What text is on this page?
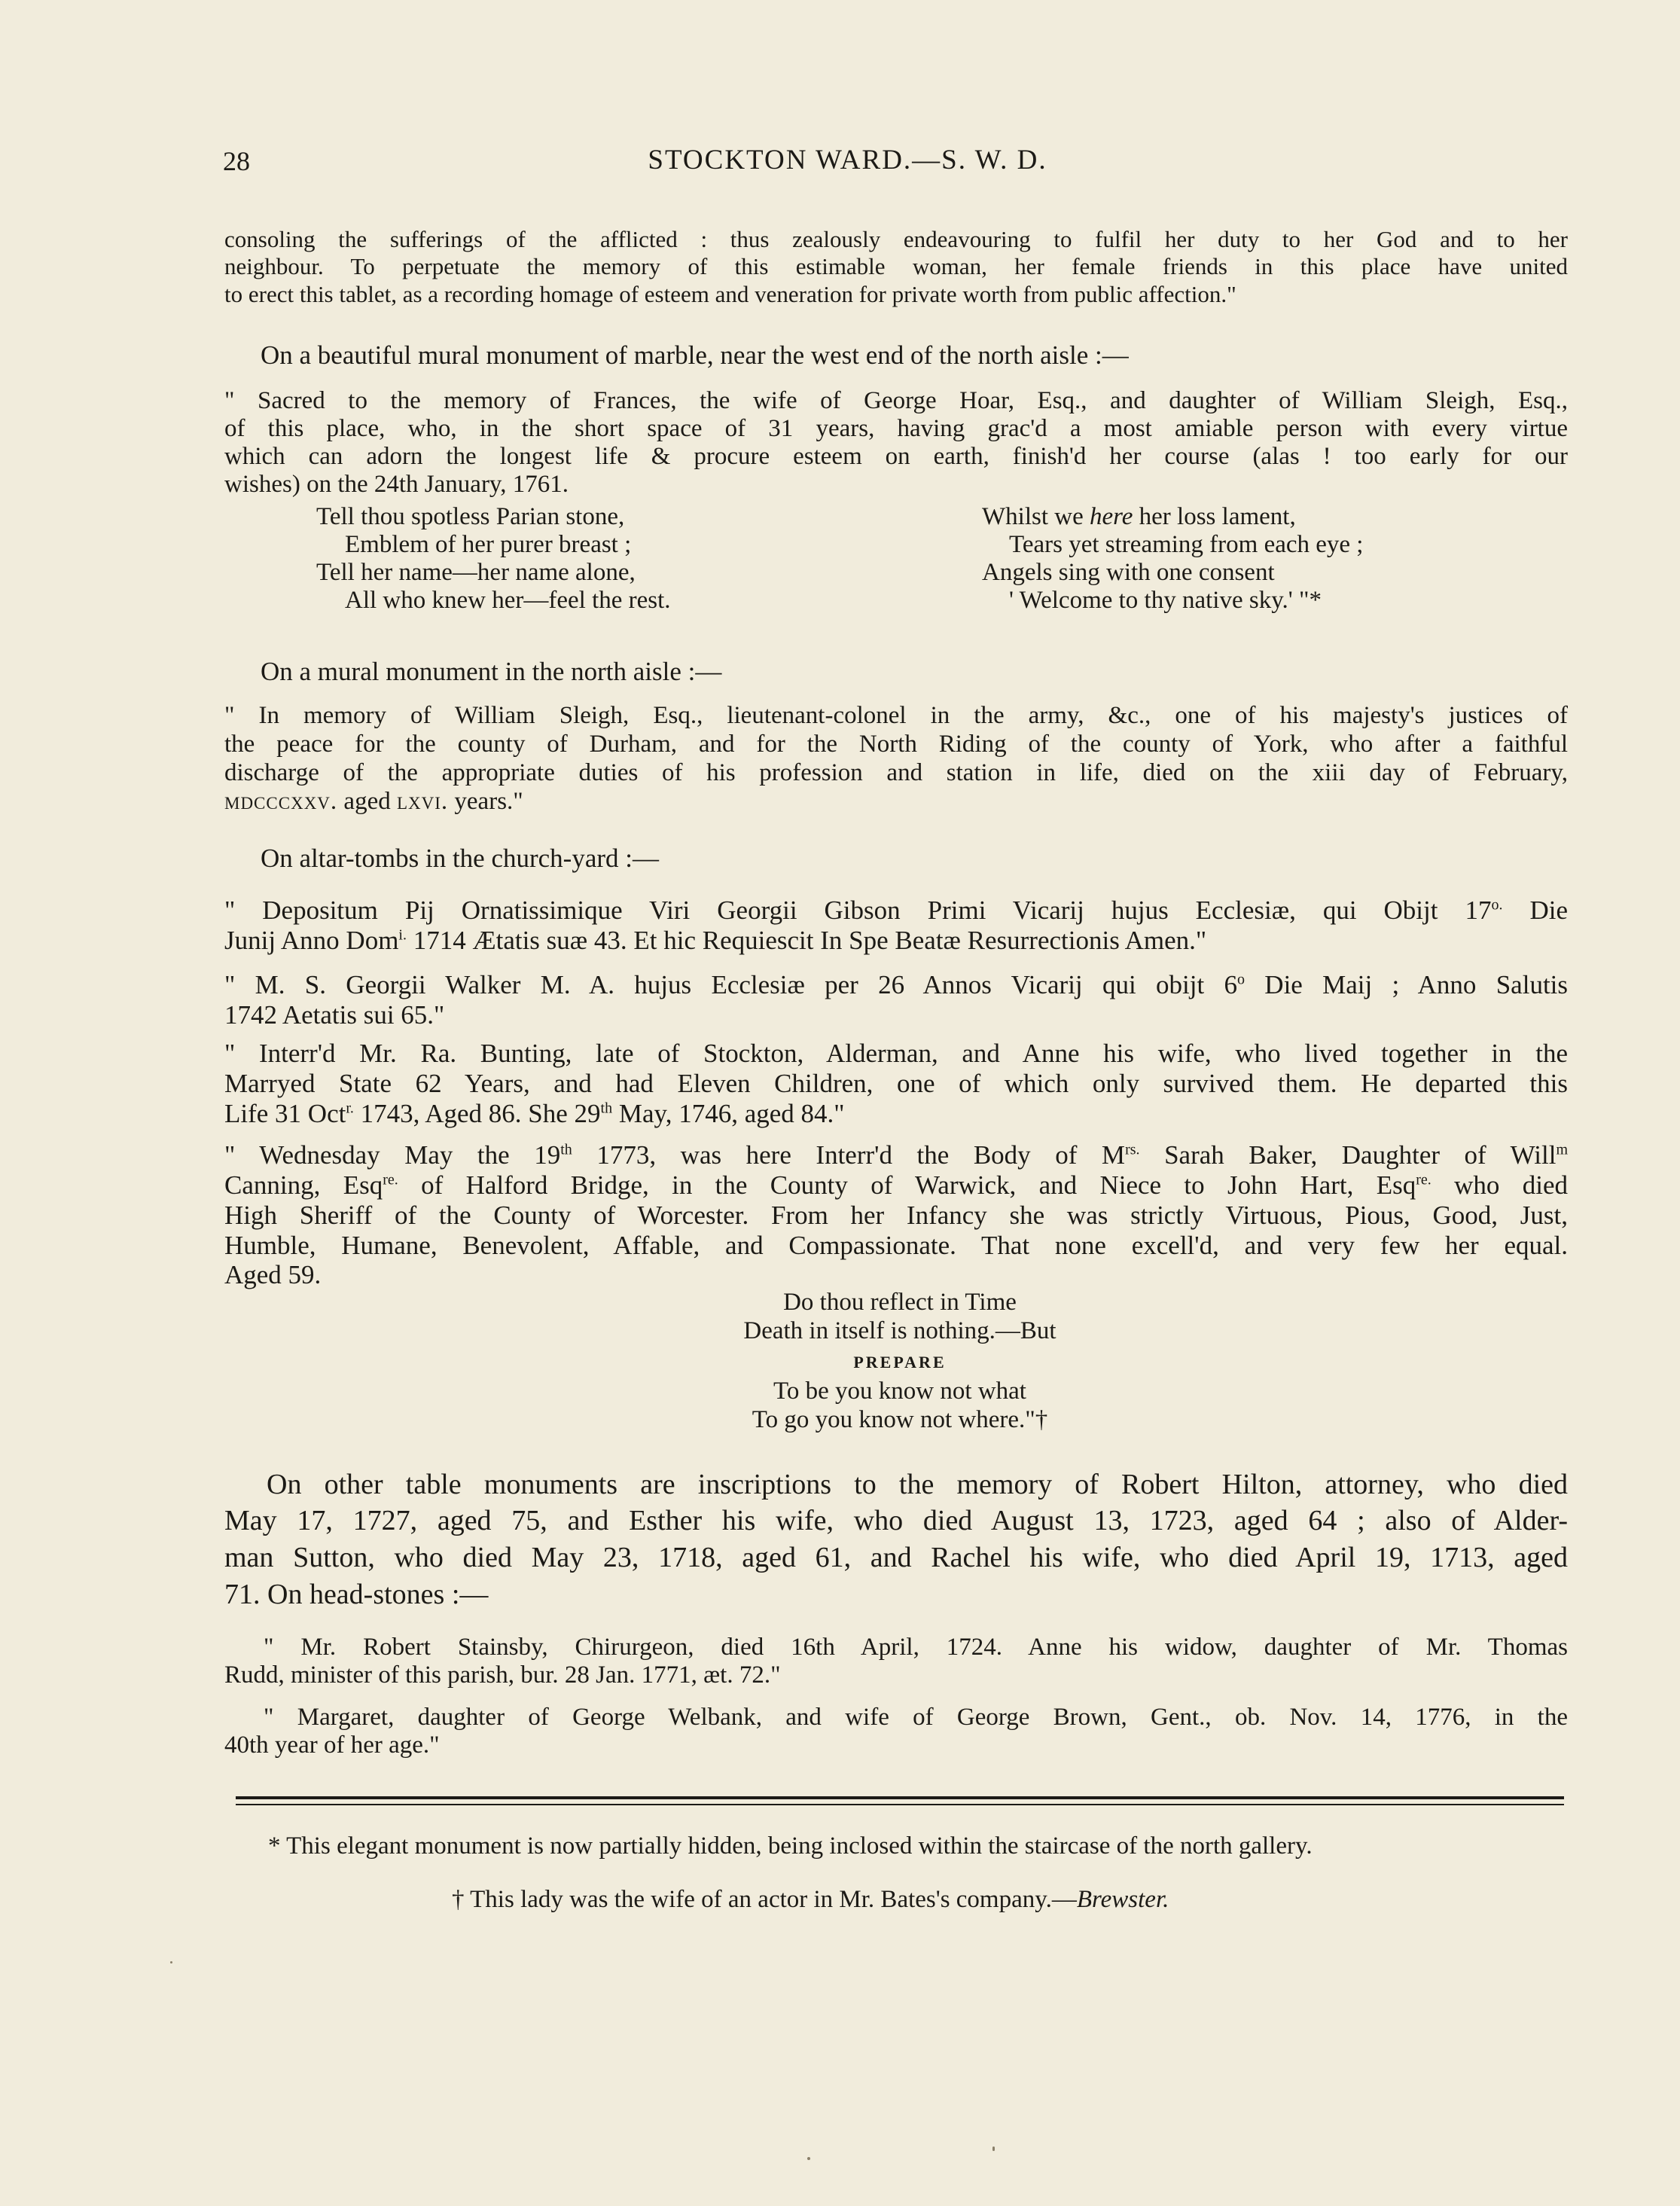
28	STOCKTON WARD.—S. W. D.
consoling the sufferings of the afflicted : thus zealously endeavouring to fulfil her duty to her God and to her
neighbour. To perpetuate the memory of this estimable woman, her female friends in this place have united
to erect this tablet, as a recording homage of esteem and veneration for private worth from public affection."
On a beautiful mural monument of marble, near the west end of the north aisle :—
" Sacred to the memory of Frances, the wife of George Hoar, Esq., and daughter of William Sleigh, Esq.,
of this place, who, in the short space of 31 years, having grac'd a most amiable person with every virtue
which can adorn the longest life & procure esteem on earth, finish'd her course (alas ! too early for our
wishes) on the 24th January, 1761.
Tell thou spotless Parian stone,
Emblem of her purer breast ;
Tell her name—her name alone,
All who knew her—feel the rest.
Whilst we here her loss lament,
Tears yet streaming from each eye ;
Angels sing with one consent
' Welcome to thy native sky.' "*
On a mural monument in the north aisle :—
" In memory of William Sleigh, Esq., lieutenant-colonel in the army, &c., one of his majesty's justices of
the peace for the county of Durham, and for the North Riding of the county of York, who after a faithful
discharge of the appropriate duties of his profession and station in life, died on the xiii day of February,
mdcccxxv. aged lxvi. years."
On altar-tombs in the church-yard :—
" Depositum Pij Ornatissimique Viri Georgii Gibson Primi Vicarij hujus Ecclesiæ, qui Obijt $17^{o.}$ Die
Junij Anno Dom$^{i.}$ 1714 Ætatis suæ 43. Et hic Requiescit In Spe Beatæ Resurrectionis Amen."
" M. S. Georgii Walker M. A. hujus Ecclesiæ per 26 Annos Vicarij qui obijt 6$^o$ Die Maij ; Anno Salutis
1742 Aetatis sui 65."
" Interr'd Mr. Ra. Bunting, late of Stockton, Alderman, and Anne his wife, who lived together in the
Marryed State 62 Years, and had Eleven Children, one of which only survived them. He departed this
Life 31 Oct$^{r.}$ 1743, Aged 86. She 29th May, 1746, aged 84."
" Wednesday May the 19th 1773, was here Interr'd the Body of $M^{rs.}$ Sarah Baker, Daughter of Will$^m$
Canning, Esq$^{re.}$ of Halford Bridge, in the County of Warwick, and Niece to John Hart, Esq$^{re.}$ who died
High Sheriff of the County of Worcester. From her Infancy she was strictly Virtuous, Pious, Good, Just,
Humble, Humane, Benevolent, Affable, and Compassionate. That none excell'd, and very few her equal.
Aged 59.
Do thou reflect in Time
Death in itself is nothing.—But
PREPARE
To be you know not what
To go you know not where."†
On other table monuments are inscriptions to the memory of Robert Hilton, attorney, who died
May 17, 1727, aged 75, and Esther his wife, who died August 13, 1723, aged 64 ; also of Alder-
man Sutton, who died May 23, 1718, aged 61, and Rachel his wife, who died April 19, 1713, aged
71. On head-stones :—
" Mr. Robert Stainsby, Chirurgeon, died 16th April, 1724. Anne his widow, daughter of Mr. Thomas
Rudd, minister of this parish, bur. 28 Jan. 1771, æt. 72."
" Margaret, daughter of George Welbank, and wife of George Brown, Gent., ob. Nov. 14, 1776, in the
40th year of her age."
* This elegant monument is now partially hidden, being inclosed within the staircase of the north gallery.
† This lady was the wife of an actor in Mr. Bates's company.—Brewster.
